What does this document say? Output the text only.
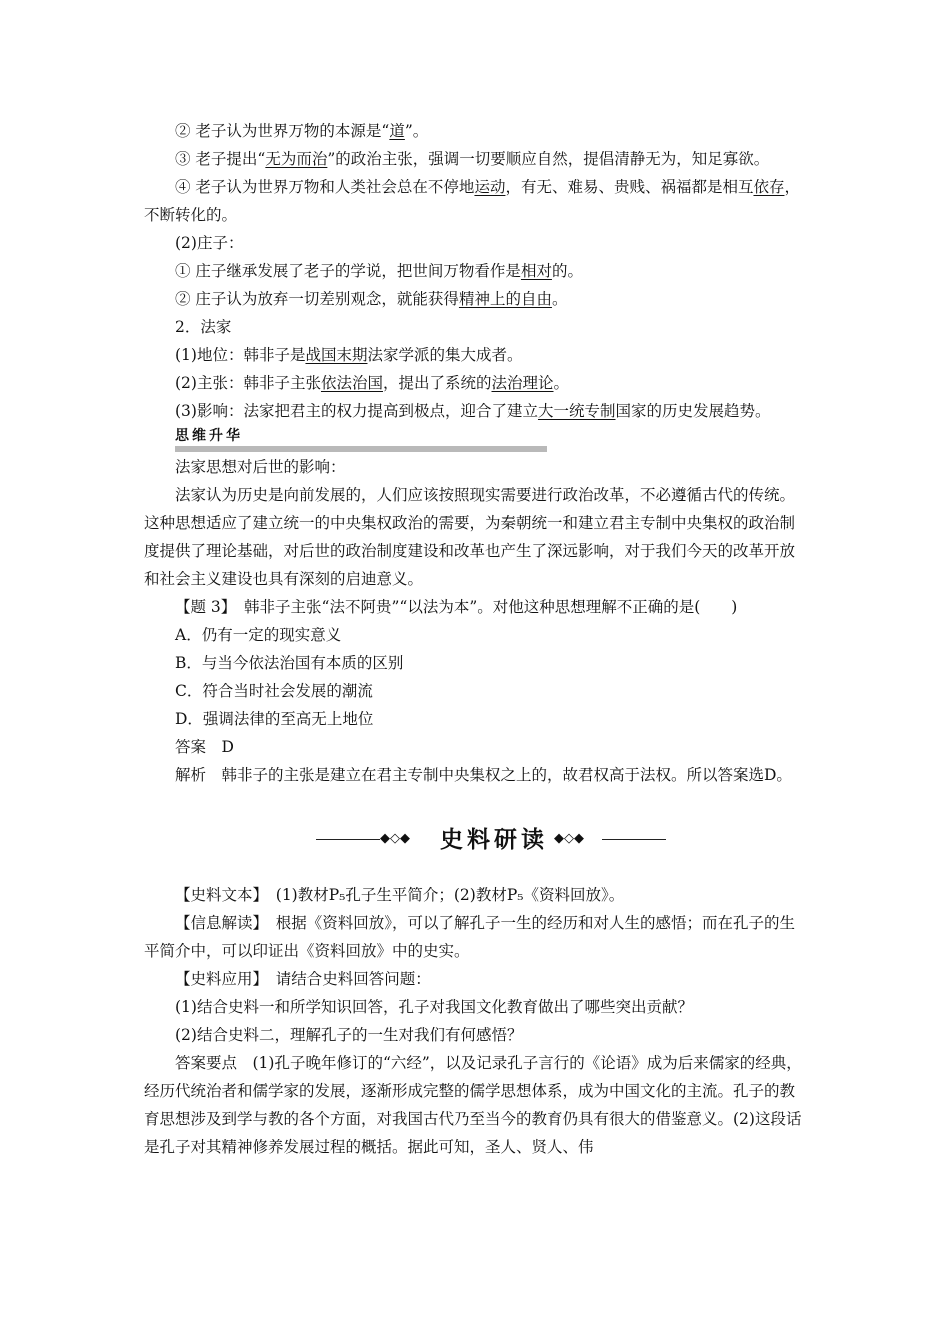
② 老子认为世界万物的本源是“道”。

③ 老子提出“无为而治”的政治主张，强调一切要顺应自然，提倡清静无为，知足寡欲。

④ 老子认为世界万物和人类社会总在不停地运动，有无、难易、贵贱、祸福都是相互依存，不断转化的。

(2)庄子：

① 庄子继承发展了老子的学说，把世间万物看作是相对的。

② 庄子认为放弃一切差别观念，就能获得精神上的自由。

2．法家

(1)地位：韩非子是战国末期法家学派的集大成者。

(2)主张：韩非子主张依法治国，提出了系统的法治理论。

(3)影响：法家把君主的权力提高到极点，迎合了建立大一统专制国家的历史发展趋势。

思维升华

法家思想对后世的影响：

法家认为历史是向前发展的，人们应该按照现实需要进行政治改革，不必遵循古代的传统。这种思想适应了建立统一的中央集权政治的需要，为秦朝统一和建立君主专制中央集权的政治制度提供了理论基础，对后世的政治制度建设和改革也产生了深远影响，对于我们今天的改革开放和社会主义建设也具有深刻的启迪意义。

【题 3】　韩非子主张“法不阿贵”“以法为本”。对他这种思想理解不正确的是(　　)

A．仍有一定的现实意义

B．与当今依法治国有本质的区别

C．符合当时社会发展的潮流

D．强调法律的至高无上地位

答案　D

解析　韩非子的主张是建立在君主专制中央集权之上的，故君权高于法权。所以答案选D。

◆◇◆ 史料研读 ◆◇◆

【史料文本】　(1)教材P₅孔子生平简介；(2)教材P₅《资料回放》。

【信息解读】　根据《资料回放》，可以了解孔子一生的经历和对人生的感悟；而在孔子的生平简介中，可以印证出《资料回放》中的史实。

【史料应用】　请结合史料回答问题：

(1)结合史料一和所学知识回答，孔子对我国文化教育做出了哪些突出贡献？

(2)结合史料二，理解孔子的一生对我们有何感悟？

答案要点　(1)孔子晚年修订的“六经”，以及记录孔子言行的《论语》成为后来儒家的经典，经历代统治者和儒学家的发展，逐渐形成完整的儒学思想体系，成为中国文化的主流。孔子的教育思想涉及到学与教的各个方面，对我国古代乃至当今的教育仍具有很大的借鉴意义。(2)这段话是孔子对其精神修养发展过程的概括。据此可知，圣人、贤人、伟
